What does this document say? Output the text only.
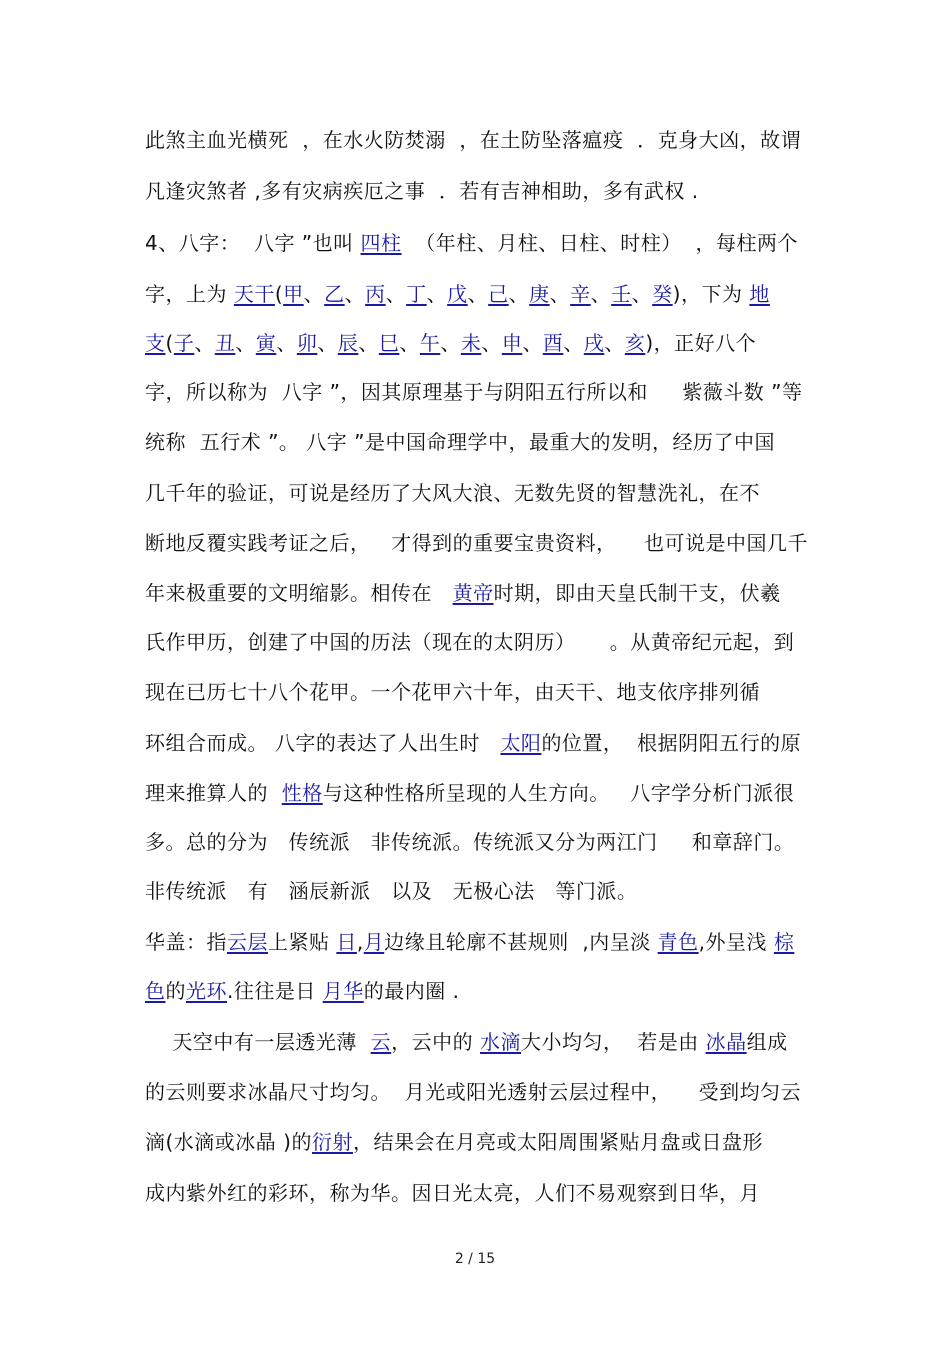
此煞主血光横死  ，在水火防焚溺  ，在土防坠落瘟疫  ．克身大凶，故谓
凡逢灾煞者 ,多有灾病疾厄之事  ．若有吉神相助，多有武权 .
4、八字：  八字 ”也叫 四柱  （年柱、月柱、日柱、时柱）  ，每柱两个
字，上为 天干(甲、乙、丙、丁、戊、己、庚、辛、壬、癸)，下为 地
支(子、丑、寅、卯、辰、巳、午、未、申、酉、戌、亥)，正好八个
字，所以称为  八字 ”，因其原理基于与阴阳五行所以和     紫薇斗数 ”等
统称  五行术 ”。 八字 ”是中国命理学中，最重大的发明，经历了中国
几千年的验证，可说是经历了大风大浪、无数先贤的智慧洗礼，在不
断地反覆实践考证之后，   才得到的重要宝贵资料，    也可说是中国几千
年来极重要的文明缩影。相传在   黄帝时期，即由天皇氏制干支，伏羲
氏作甲历，创建了中国的历法（现在的太阴历）     。从黄帝纪元起，到
现在已历七十八个花甲。一个花甲六十年，由天干、地支依序排列循
环组合而成。 八字的表达了人出生时   太阳的位置，  根据阴阳五行的原
理来推算人的  性格与这种性格所呈现的人生方向。   八字学分析门派很
多。总的分为   传统派   非传统派。传统派又分为两江门     和章辞门。
非传统派   有   涵辰新派   以及   无极心法   等门派。
华盖：指云层上紧贴 日,月边缘且轮廓不甚规则  ,内呈淡 青色,外呈浅 棕
色的光环.往往是日 月华的最内圈 .
天空中有一层透光薄  云，云中的 水滴大小均匀，  若是由 冰晶组成
的云则要求冰晶尺寸均匀。  月光或阳光透射云层过程中，    受到均匀云
滴(水滴或冰晶 )的衍射，结果会在月亮或太阳周围紧贴月盘或日盘形
成内紫外红的彩环，称为华。因日光太亮，人们不易观察到日华，月
2 / 15
